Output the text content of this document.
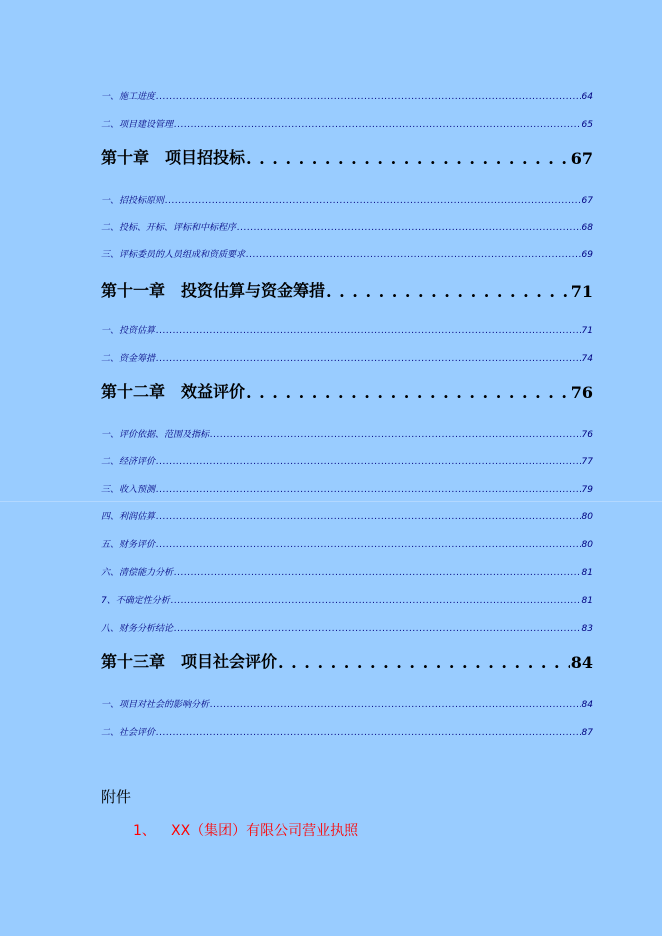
一、施工进度 .....	64
二、项目建设管理 .....	65
第十章　项目招投标 . . .	67
一、招投标原则 .....	67
二、投标、开标、评标和中标程序 .....	68
三、评标委员的人员组成和资质要求 .....	69
第十一章　投资估算与资金筹措 . . .	71
一、投资估算 .....	71
二、资金筹措 .....	74
第十二章　效益评价 . . .	76
一、评价依据、范围及指标 .....	76
二、经济评价 .....	77
三、收入预测 .....	79
四、利润估算 .....	80
五、财务评价 .....	80
六、清偿能力分析 .....	81
7、不确定性分析 .....	81
八、财务分析结论 .....	83
第十三章　项目社会评价 . . .	84
一、项目对社会的影响分析 .....	84
二、社会评价 .....	87
附件
1、 XX（集团）有限公司营业执照
